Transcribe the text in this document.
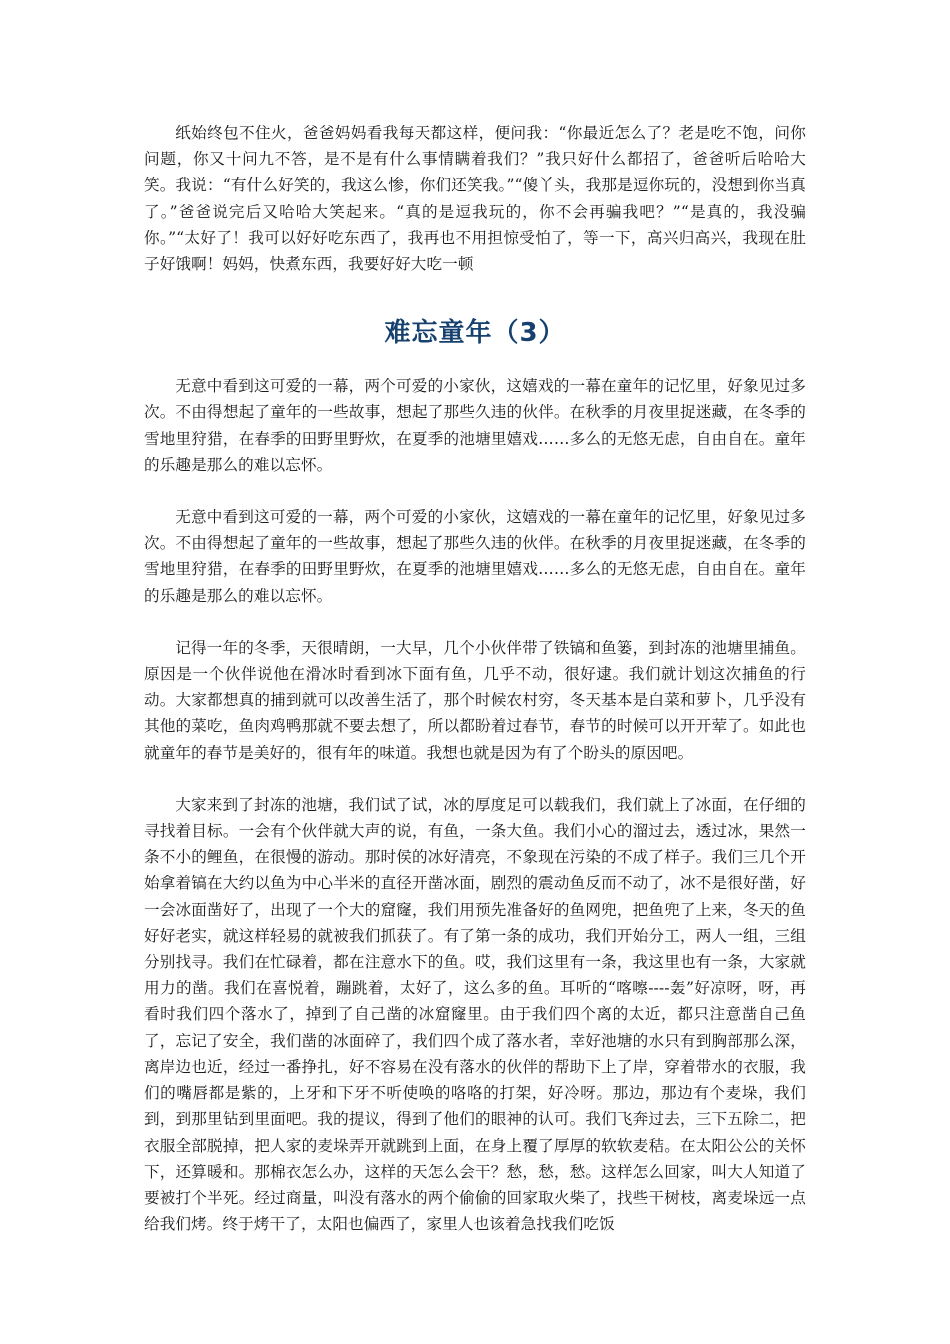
纸始终包不住火，爸爸妈妈看我每天都这样，便问我：“你最近怎么了？老是吃不饱，问你问题，你又十问九不答，是不是有什么事情瞒着我们？”我只好什么都招了，爸爸听后哈哈大笑。我说：“有什么好笑的，我这么惨，你们还笑我。”“傻丫头，我那是逗你玩的，没想到你当真了。”爸爸说完后又哈哈大笑起来。“真的是逗我玩的，你不会再骗我吧？”“是真的，我没骗你。”“太好了！我可以好好吃东西了，我再也不用担惊受怕了，等一下，高兴归高兴，我现在肚子好饿啊！妈妈，快煮东西，我要好好大吃一顿

难忘童年（3）

无意中看到这可爱的一幕，两个可爱的小家伙，这嬉戏的一幕在童年的记忆里，好象见过多次。不由得想起了童年的一些故事，想起了那些久违的伙伴。在秋季的月夜里捉迷藏，在冬季的雪地里狩猎，在春季的田野里野炊，在夏季的池塘里嬉戏……多么的无悠无虑，自由自在。童年的乐趣是那么的难以忘怀。

无意中看到这可爱的一幕，两个可爱的小家伙，这嬉戏的一幕在童年的记忆里，好象见过多次。不由得想起了童年的一些故事，想起了那些久违的伙伴。在秋季的月夜里捉迷藏，在冬季的雪地里狩猎，在春季的田野里野炊，在夏季的池塘里嬉戏……多么的无悠无虑，自由自在。童年的乐趣是那么的难以忘怀。

记得一年的冬季，天很晴朗，一大早，几个小伙伴带了铁镐和鱼篓，到封冻的池塘里捕鱼。原因是一个伙伴说他在滑冰时看到冰下面有鱼，几乎不动，很好逮。我们就计划这次捕鱼的行动。大家都想真的捕到就可以改善生活了，那个时候农村穷，冬天基本是白菜和萝卜，几乎没有其他的菜吃，鱼肉鸡鸭那就不要去想了，所以都盼着过春节，春节的时候可以开开荤了。如此也就童年的春节是美好的，很有年的味道。我想也就是因为有了个盼头的原因吧。

大家来到了封冻的池塘，我们试了试，冰的厚度足可以载我们，我们就上了冰面，在仔细的寻找着目标。一会有个伙伴就大声的说，有鱼，一条大鱼。我们小心的溜过去，透过冰，果然一条不小的鲤鱼，在很慢的游动。那时侯的冰好清亮，不象现在污染的不成了样子。我们三几个开始拿着镐在大约以鱼为中心半米的直径开凿冰面，剧烈的震动鱼反而不动了，冰不是很好凿，好一会冰面凿好了，出现了一个大的窟窿，我们用预先准备好的鱼网兜，把鱼兜了上来，冬天的鱼好好老实，就这样轻易的就被我们抓获了。有了第一条的成功，我们开始分工，两人一组，三组分别找寻。我们在忙碌着，都在注意水下的鱼。哎，我们这里有一条，我这里也有一条，大家就用力的凿。我们在喜悦着，蹦跳着，太好了，这么多的鱼。耳听的“喀嚓----轰”好凉呀，呀，再看时我们四个落水了，掉到了自己凿的冰窟窿里。由于我们四个离的太近，都只注意凿自己鱼了，忘记了安全，我们凿的冰面碎了，我们四个成了落水者，幸好池塘的水只有到胸部那么深，离岸边也近，经过一番挣扎，好不容易在没有落水的伙伴的帮助下上了岸，穿着带水的衣服，我们的嘴唇都是紫的，上牙和下牙不听使唤的咯咯的打架，好冷呀。那边，那边有个麦垛，我们到，到那里钻到里面吧。我的提议，得到了他们的眼神的认可。我们飞奔过去，三下五除二，把衣服全部脱掉，把人家的麦垛弄开就跳到上面，在身上覆了厚厚的软软麦秸。在太阳公公的关怀下，还算暖和。那棉衣怎么办，这样的天怎么会干？愁，愁，愁。这样怎么回家，叫大人知道了要被打个半死。经过商量，叫没有落水的两个偷偷的回家取火柴了，找些干树枝，离麦垛远一点给我们烤。终于烤干了，太阳也偏西了，家里人也该着急找我们吃饭
